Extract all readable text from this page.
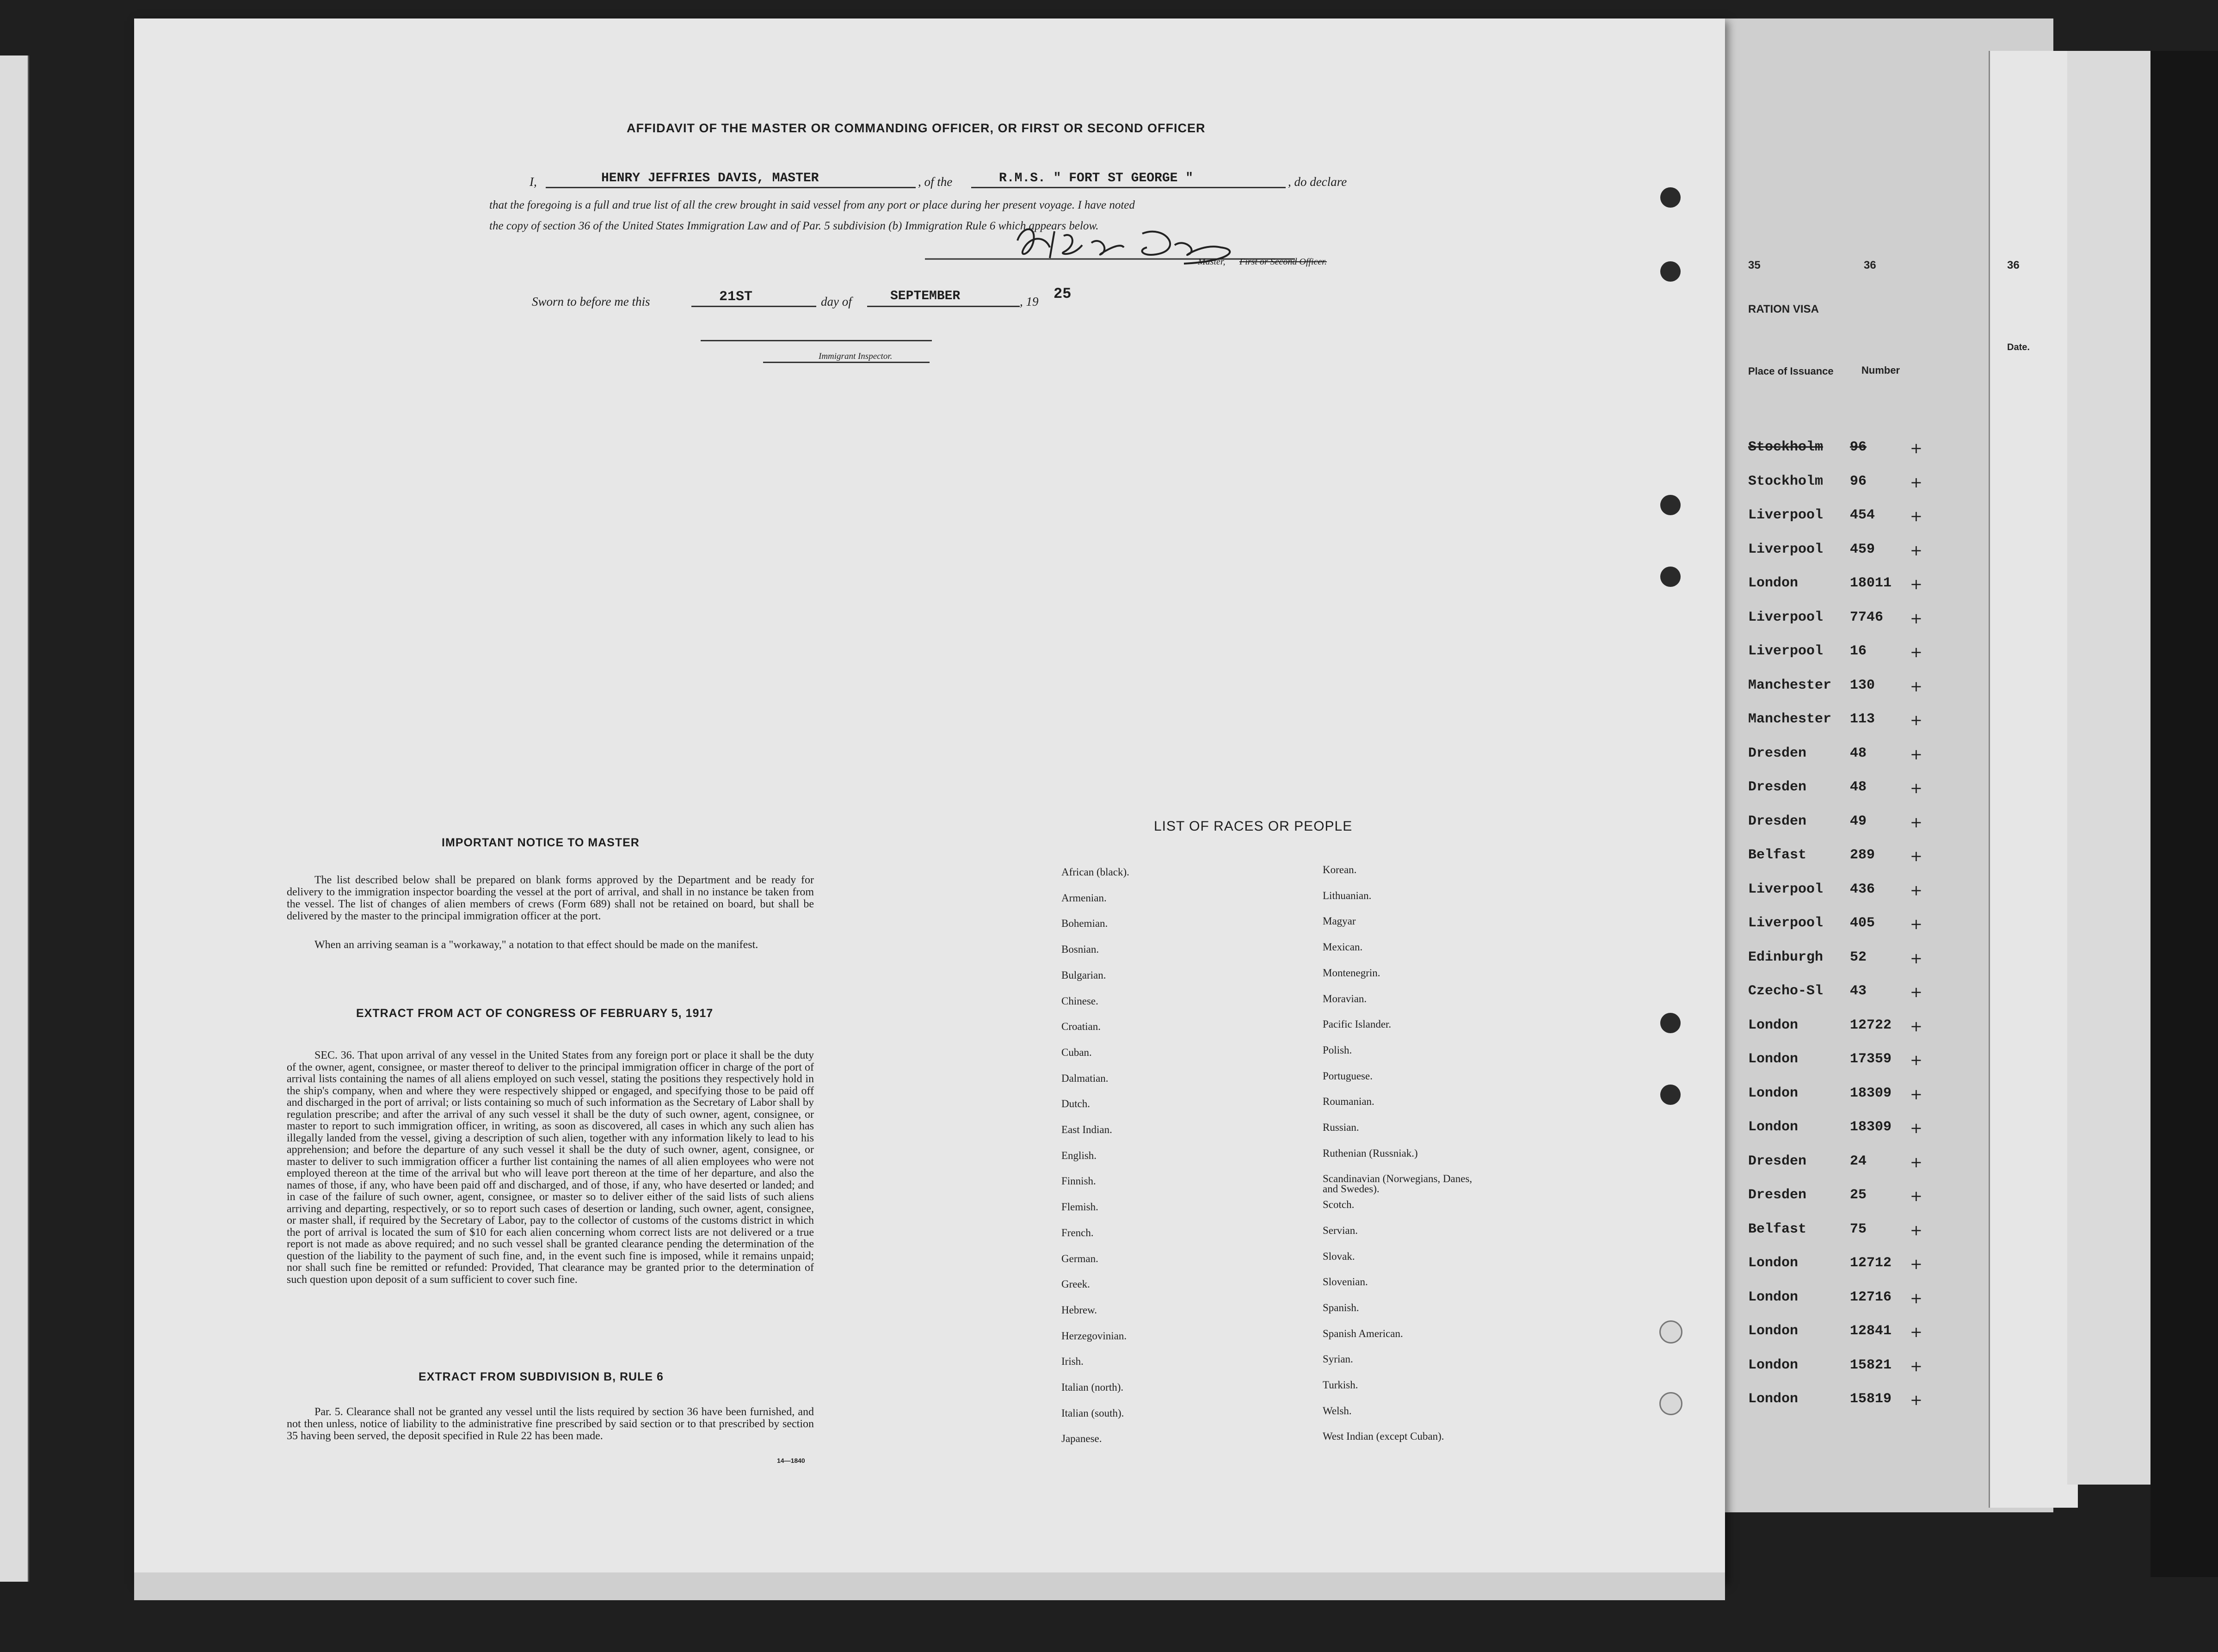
35	36	36
RATION VISA
Place of Issuance	Number
Date.
Stockholm 96	+
Stockholm 96	+
Liverpool 454 +
Liverpool 459 +
London	18011 +
Liverpool 7746 +
Liverpool 16	+
Manchester 130 +
Manchester 113 +
Dresden	48	+
Dresden	48	+
Dresden	49	+
Belfast	289 +
Liverpool 436 +
Liverpool 405 +
Edinburgh 52	+
Czecho-Sl 43	+
London	12722 +
London	17359 +
London	18309 +
London	18309 +
Dresden	24	+
Dresden	25	+
Belfast	75	+
London	12712 +
London	12716 +
London	12841 +
London	15821 +
London	15819 +
AFFIDAVIT OF THE MASTER OR COMMANDING OFFICER, OR FIRST OR SECOND OFFICER
I,	HENRY JEFFRIES DAVIS, MASTER	, of the	R.M.S. " FORT ST GEORGE "	, do declare
that the foregoing is a full and true list of all the crew brought in said vessel from any port or place during her present voyage. I have noted
the copy of section 36 of the United States Immigration Law and of Par. 5 subdivision (b) Immigration Rule 6 which appears below.
Master, First or Second Officer.
Sworn to before me this	21ST	day of	SEPTEMBER	, 19 25
Immigrant Inspector.
IMPORTANT NOTICE TO MASTER
The list described below shall be prepared on blank forms approved by the Department and be ready for delivery to the immigration inspector boarding the vessel at the port of arrival, and shall in no instance be taken from the vessel. The list of changes of alien members of crews (Form 689) shall not be retained on board, but shall be delivered by the master to the principal immigration officer at the port.
When an arriving seaman is a "workaway," a notation to that effect should be made on the manifest.
EXTRACT FROM ACT OF CONGRESS OF FEBRUARY 5, 1917
SEC. 36. That upon arrival of any vessel in the United States from any foreign port or place it shall be the duty of the owner, agent, consignee, or master thereof to deliver to the principal immigration officer in charge of the port of arrival lists containing the names of all aliens employed on such vessel, stating the positions they respectively hold in the ship's company, when and where they were respectively shipped or engaged, and specifying those to be paid off and discharged in the port of arrival; or lists containing so much of such information as the Secretary of Labor shall by regulation prescribe; and after the arrival of any such vessel it shall be the duty of such owner, agent, consignee, or master to report to such immigration officer, in writing, as soon as discovered, all cases in which any such alien has illegally landed from the vessel, giving a description of such alien, together with any information likely to lead to his apprehension; and before the departure of any such vessel it shall be the duty of such owner, agent, consignee, or master to deliver to such immigration officer a further list containing the names of all alien employees who were not employed thereon at the time of the arrival but who will leave port thereon at the time of her departure, and also the names of those, if any, who have been paid off and discharged, and of those, if any, who have deserted or landed; and in case of the failure of such owner, agent, consignee, or master so to deliver either of the said lists of such aliens arriving and departing, respectively, or so to report such cases of desertion or landing, such owner, agent, consignee, or master shall, if required by the Secretary of Labor, pay to the collector of customs of the customs district in which the port of arrival is located the sum of $10 for each alien concerning whom correct lists are not delivered or a true report is not made as above required; and no such vessel shall be granted clearance pending the determination of the question of the liability to the payment of such fine, and, in the event such fine is imposed, while it remains unpaid; nor shall such fine be remitted or refunded: Provided, That clearance may be granted prior to the determination of such question upon deposit of a sum sufficient to cover such fine.
EXTRACT FROM SUBDIVISION B, RULE 6
Par. 5. Clearance shall not be granted any vessel until the lists required by section 36 have been furnished, and not then unless, notice of liability to the administrative fine prescribed by said section or to that prescribed by section 35 having been served, the deposit specified in Rule 22 has been made.
14—1840
LIST OF RACES OR PEOPLE
African (black).
Armenian.
Bohemian.
Bosnian.
Bulgarian.
Chinese.
Croatian.
Cuban.
Dalmatian.
Dutch.
East Indian.
English.
Finnish.
Flemish.
French.
German.
Greek.
Hebrew.
Herzegovinian.
Irish.
Italian (north).
Italian (south).
Japanese.
Korean.
Lithuanian.
Magyar
Mexican.
Montenegrin.
Moravian.
Pacific Islander.
Polish.
Portuguese.
Roumanian.
Russian.
Ruthenian (Russniak.)
Scandinavian (Norwegians, Danes, and Swedes).
Scotch.
Servian.
Slovak.
Slovenian.
Spanish.
Spanish American.
Syrian.
Turkish.
Welsh.
West Indian (except Cuban).
